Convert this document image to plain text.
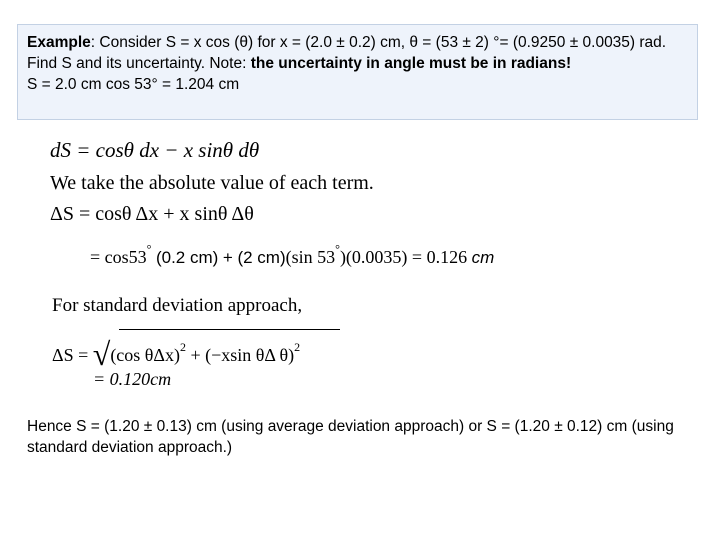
Example: Consider S = x cos (θ) for x = (2.0 ± 0.2) cm, θ = (53 ± 2) °= (0.9250 ± 0.0035) rad. Find S and its uncertainty. Note: the uncertainty in angle must be in radians!
S = 2.0 cm cos 53° = 1.204 cm
dS = cosθ dx − x sinθ dθ
We take the absolute value of each term.
ΔS = cosθ Δx + x sinθ Δθ
= cos53° (0.2 cm) + (2 cm)(sin 53°)(0.0035) = 0.126 cm
For standard deviation approach,
ΔS = √(cos θΔx)$^2$ + (−xsin θΔ θ)$^2$
= 0.120cm
Hence S = (1.20 ± 0.13) cm (using average deviation approach) or S = (1.20 ± 0.12) cm (using standard deviation approach.)
